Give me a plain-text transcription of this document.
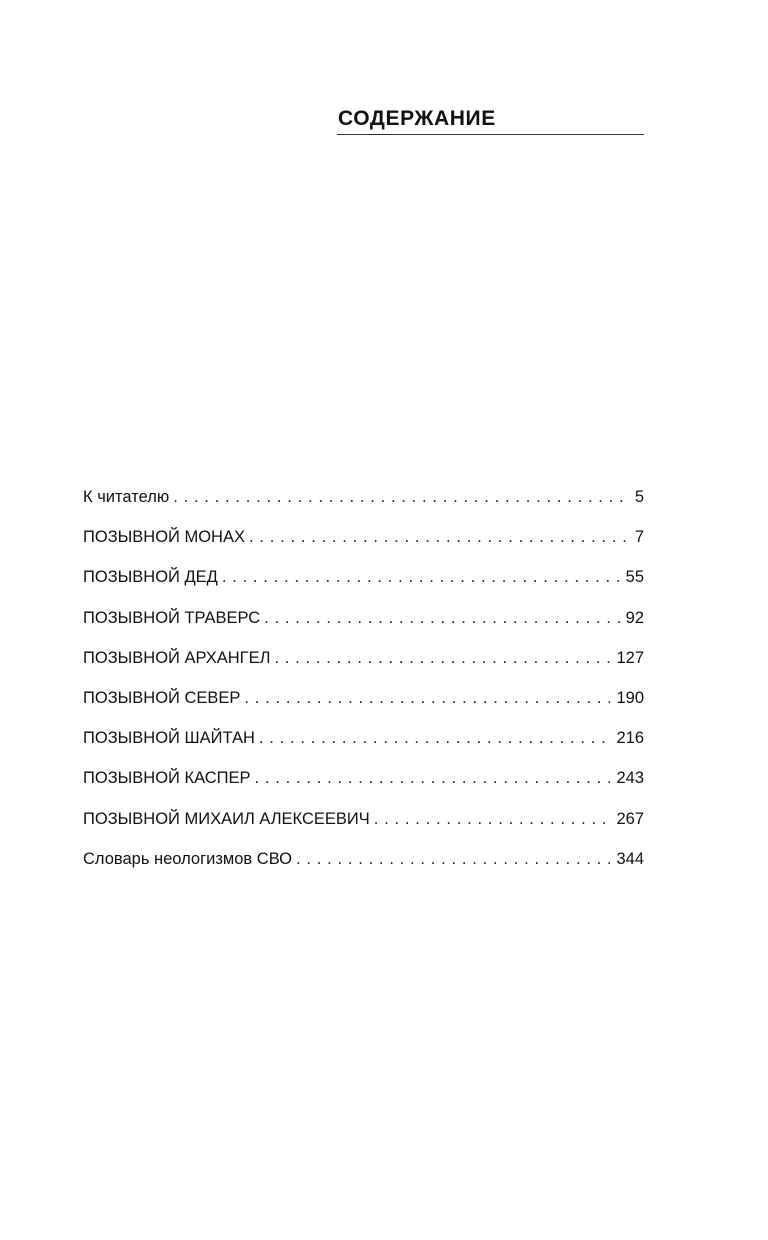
СОДЕРЖАНИЕ
К читателю . . .	5
ПОЗЫВНОЙ МОНАХ . . .	7
ПОЗЫВНОЙ ДЕД . . .	55
ПОЗЫВНОЙ ТРАВЕРС . . .	92
ПОЗЫВНОЙ АРХАНГЕЛ . . .	127
ПОЗЫВНОЙ СЕВЕР . . .	190
ПОЗЫВНОЙ ШАЙТАН . . .	216
ПОЗЫВНОЙ КАСПЕР . . .	243
ПОЗЫВНОЙ МИХАИЛ АЛЕКСЕЕВИЧ . . .	267
Словарь неологизмов СВО . . .	344
